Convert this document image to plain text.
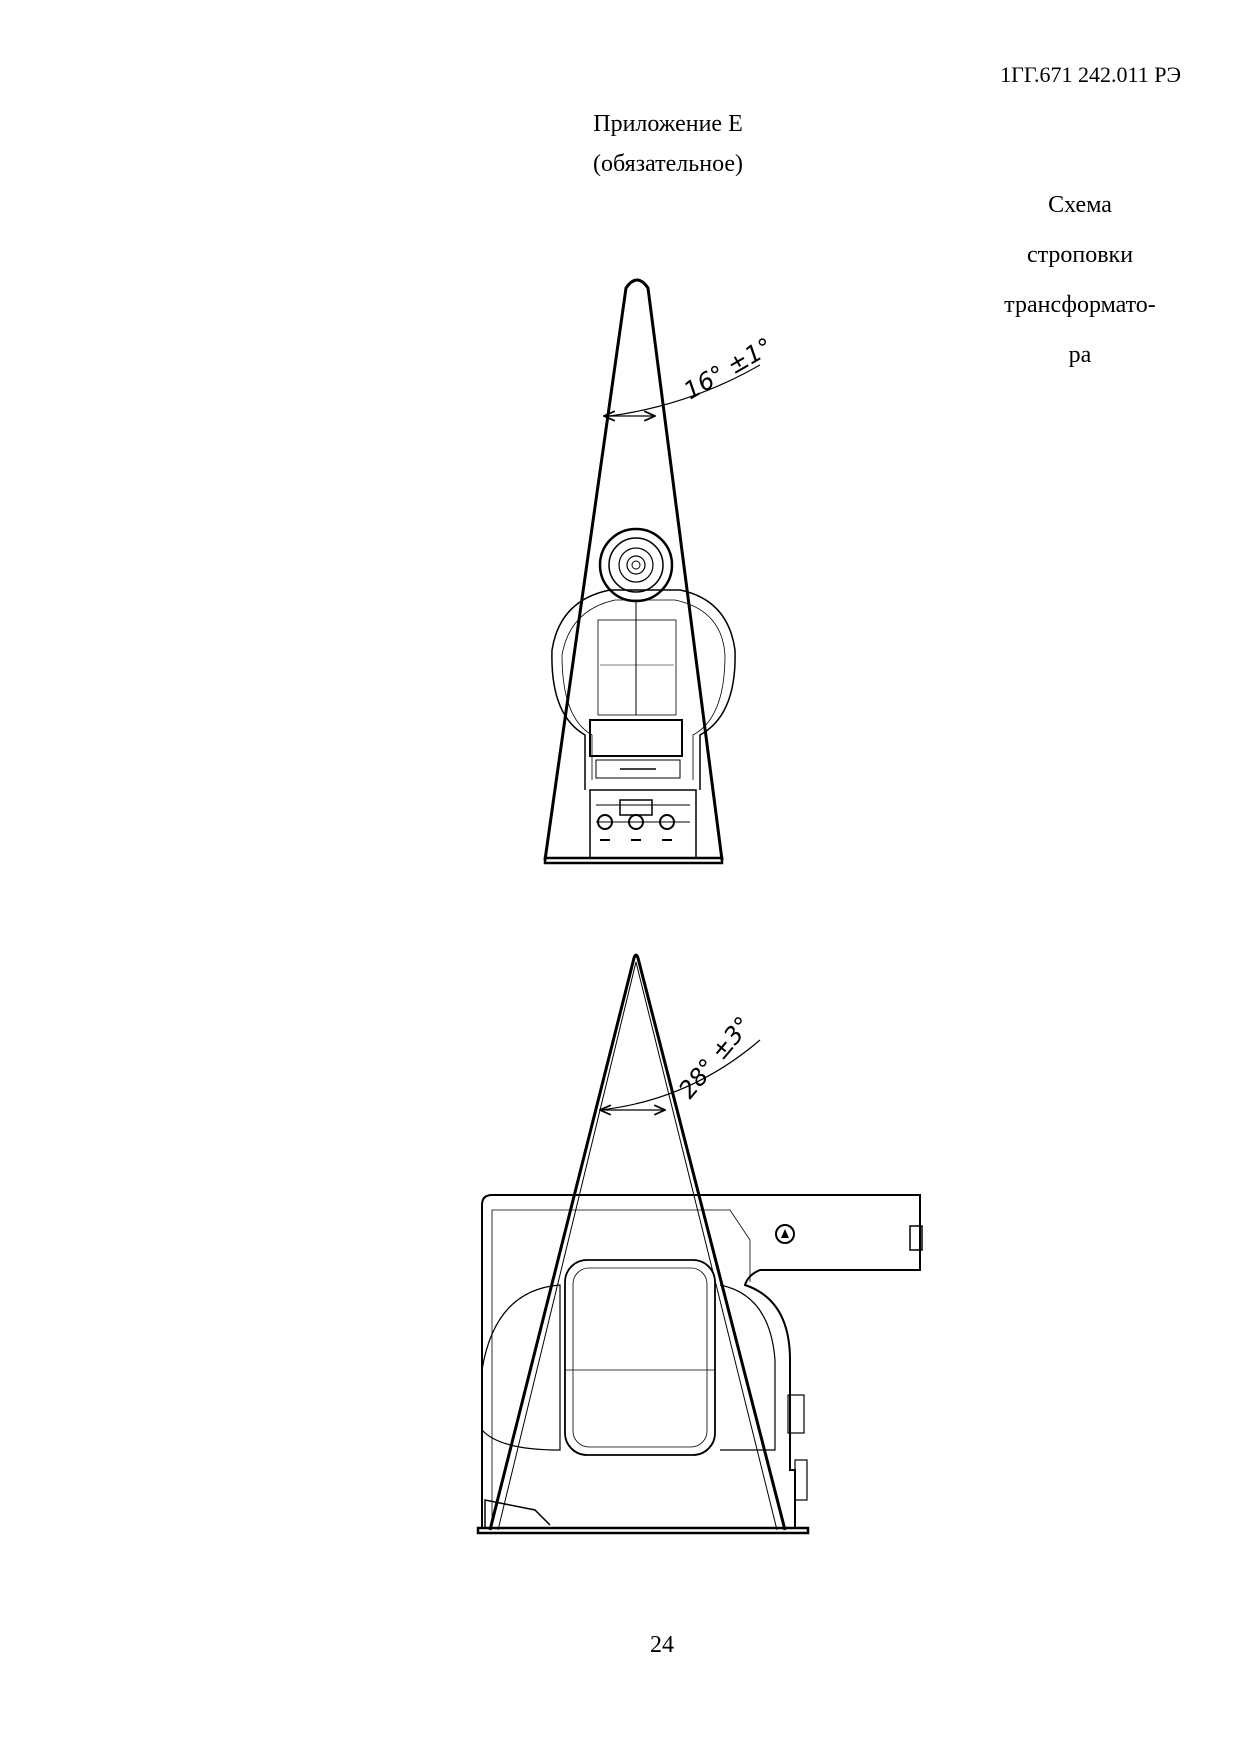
1ГГ.671 242.011 РЭ
Приложение Е
(обязательное)
Схема
строповки
трансформато-
ра
16° ±1°
28° ±3°
24
